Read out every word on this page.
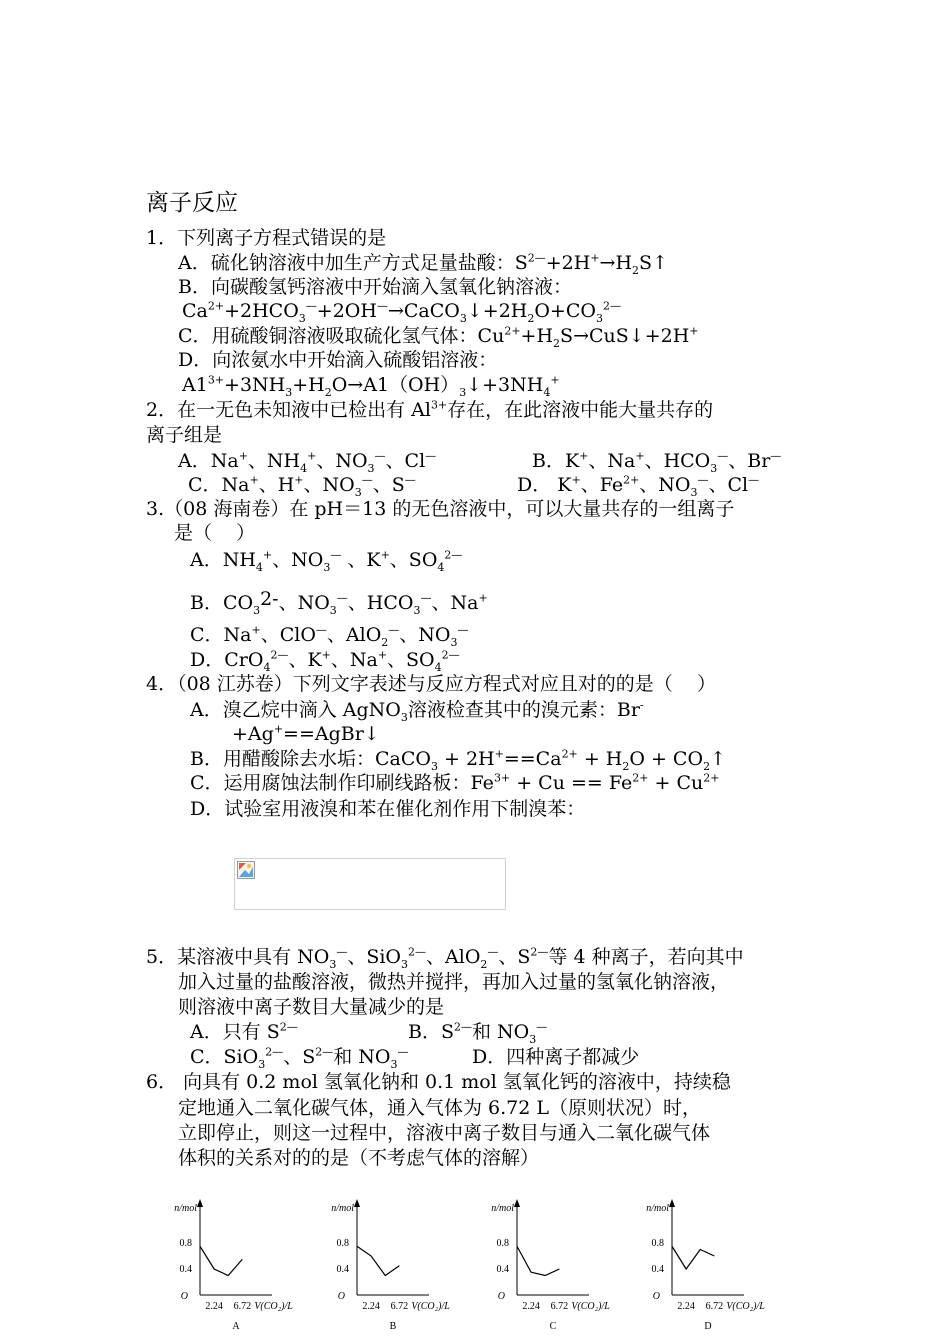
离子反应
1．下列离子方程式错误的是
A．硫化钠溶液中加生产方式足量盐酸：$S^{2—}+2H^+\to H_2S↑$
B．向碳酸氢钙溶液中开始滴入氢氧化钠溶液：
$Ca^{2+}+2HCO_3^—+2OH^—\to CaCO_3↓+2H_2O+CO_3^{2—}$
C．用硫酸铜溶液吸取硫化氢气体：$Cu^{2+}+H_2S\to CuS↓+2H^+$
D．向浓氨水中开始滴入硫酸铝溶液：
$A1^{3+}+3NH_3+H_2O\to A1(OH)_3↓+3NH_4^+$
2．在一无色未知液中已检出有 $Al^{3+}$存在，在此溶液中能大量共存的
离子组是
A．Na+、$NH_4^+$、$NO_3^—$、Cl—	B．K+、Na+、$HCO_3^—$、Br—
C．Na+、H+、$NO_3^—$、S—	D． K+、$Fe^{2+}$、$NO_3^—$、Cl—
3.（08 海南卷）在 pH＝13 的无色溶液中，可以大量共存的一组离子
是（    ）
A．$NH_4^+$、$NO_3^—$ 、K+、$SO_4^{2—}$
B．$CO_32-$、$NO_3^—$、$HCO_3^—$、Na+
C．Na+、ClO—、AlO$_2$—、$NO_3^—$
D．CrO$_4^{2—}$、K+、Na+、$SO_4^{2—}$
4．（08 江苏卷）下列文字表述与反应方程式对应且对的的是（    ）
A．溴乙烷中滴入 AgNO$_3$溶液检查其中的溴元素：Br-
+Ag+==AgBr↓
B．用醋酸除去水垢：CaCO$_3$ + $2H^+==Ca^{2+} + H_2O$ + $CO_2↑$
C．运用腐蚀法制作印刷线路板：$Fe^{3+} + Cu == Fe^{2+} + Cu^{2+}$
D．试验室用液溴和苯在催化剂作用下制溴苯：
5．某溶液中具有 $NO_3^—$、SiO$_3^{2—}$、AlO$_2$—、$S^{2—}$等 4 种离子，若向其中
加入过量的盐酸溶液，微热并搅拌，再加入过量的氢氧化钠溶液，
则溶液中离子数目大量减少的是
A．只有 $S^{2—}$	B．$S^{2—}$和 $NO_3^—$
C．SiO$_3^{2—}$、$S^{2—}$和 $NO_3^—$	D．四种离子都减少
6． 向具有 0.2 mol 氢氧化钠和 0.1 mol 氢氧化钙的溶液中，持续稳
定地通入二氧化碳气体，通入气体为 6.72 L（原则状况）时，
立即停止，则这一过程中，溶液中离子数目与通入二氧化碳气体
体积的关系对的的是（不考虑气体的溶解）
n/mol
0.8
0.4
O
2.24 6.72 V(CO₂)/L
A
n/mol
0.8
0.4
O
2.24 6.72 V(CO₂)/L
B
n/mol
0.8
0.4
O
2.24 6.72 V(CO₂)/L
C
n/mol
0.8
0.4
O
2.24 6.72 V(CO₂)/L
D
